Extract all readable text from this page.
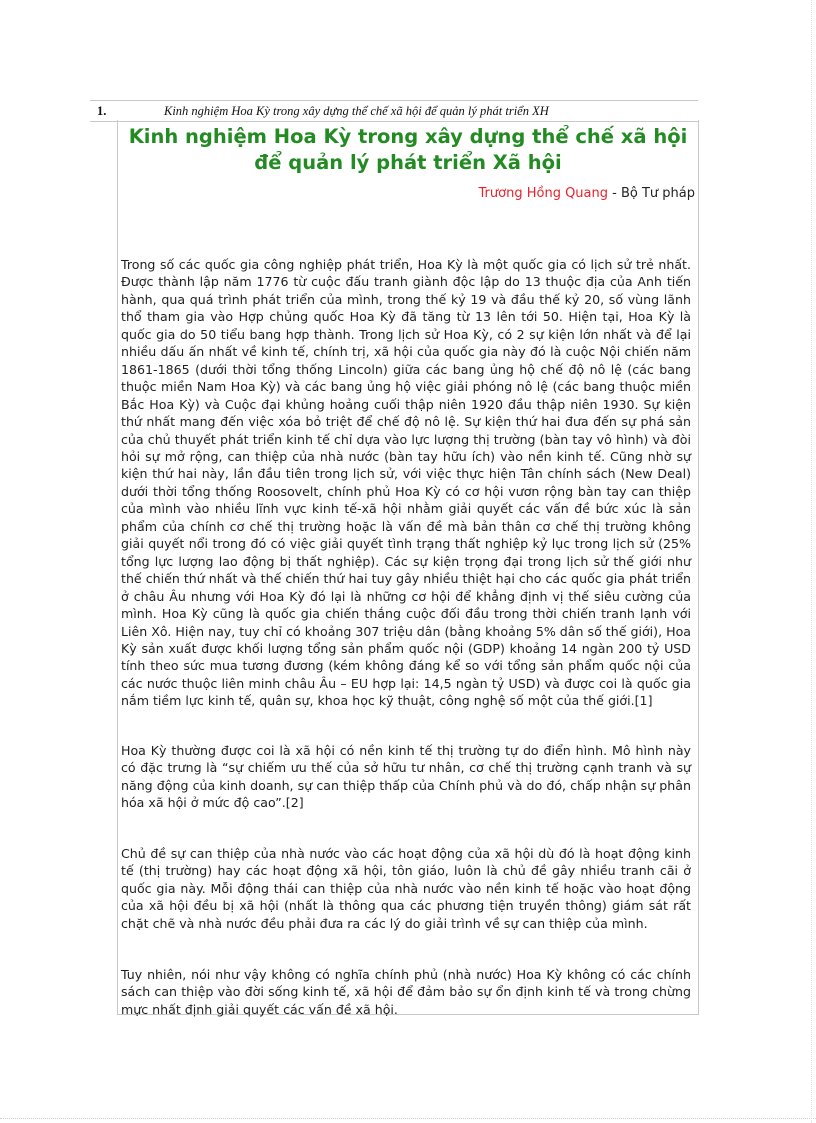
1.	Kinh nghiệm Hoa Kỳ trong xây dựng thể chế xã hội để quản lý phát triển XH
Kinh nghiệm Hoa Kỳ trong xây dựng thể chế xã hội để quản lý phát triển Xã hội
Trương Hồng Quang - Bộ Tư pháp
Trong số các quốc gia công nghiệp phát triển, Hoa Kỳ là một quốc gia có lịch sử trẻ nhất. Được thành lập năm 1776 từ cuộc đấu tranh giành độc lập do 13 thuộc địa của Anh tiến hành, qua quá trình phát triển của mình, trong thế kỷ 19 và đầu thế kỷ 20, số vùng lãnh thổ tham gia vào Hợp chủng quốc Hoa Kỳ đã tăng từ 13 lên tới 50. Hiện tại, Hoa Kỳ là quốc gia do 50 tiểu bang hợp thành. Trong lịch sử Hoa Kỳ, có 2 sự kiện lớn nhất và để lại nhiều dấu ấn nhất về kinh tế, chính trị, xã hội của quốc gia này đó là cuộc Nội chiến năm 1861-1865 (dưới thời tổng thống Lincoln) giữa các bang ủng hộ chế độ nô lệ (các bang thuộc miền Nam Hoa Kỳ) và các bang ủng hộ việc giải phóng nô lệ (các bang thuộc miền Bắc Hoa Kỳ) và Cuộc đại khủng hoảng cuối thập niên 1920 đầu thập niên 1930. Sự kiện thứ nhất mang đến việc xóa bỏ triệt để chế độ nô lệ. Sự kiện thứ hai đưa đến sự phá sản của chủ thuyết phát triển kinh tế chỉ dựa vào lực lượng thị trường (bàn tay vô hình) và đòi hỏi sự mở rộng, can thiệp của nhà nước (bàn tay hữu ích) vào nền kinh tế. Cũng nhờ sự kiện thứ hai này, lần đầu tiên trong lịch sử, với việc thực hiện Tân chính sách (New Deal) dưới thời tổng thống Roosovelt, chính phủ Hoa Kỳ có cơ hội vươn rộng bàn tay can thiệp của mình vào nhiều lĩnh vực kinh tế-xã hội nhằm giải quyết các vấn đề bức xúc là sản phẩm của chính cơ chế thị trường hoặc là vấn đề mà bản thân cơ chế thị trường không giải quyết nổi trong đó có việc giải quyết tình trạng thất nghiệp kỷ lục trong lịch sử (25% tổng lực lượng lao động bị thất nghiệp). Các sự kiện trọng đại trong lịch sử thế giới như thế chiến thứ nhất và thế chiến thứ hai tuy gây nhiều thiệt hại cho các quốc gia phát triển ở châu Âu nhưng với Hoa Kỳ đó lại là những cơ hội để khẳng định vị thế siêu cường của mình. Hoa Kỳ cũng là quốc gia chiến thắng cuộc đối đầu trong thời chiến tranh lạnh với Liên Xô. Hiện nay, tuy chỉ có khoảng 307 triệu dân (bằng khoảng 5% dân số thế giới), Hoa Kỳ sản xuất được khối lượng tổng sản phẩm quốc nội (GDP) khoảng 14 ngàn 200 tỷ USD tính theo sức mua tương đương (kém không đáng kể so với tổng sản phẩm quốc nội của các nước thuộc liên minh châu Âu – EU hợp lại: 14,5 ngàn tỷ USD) và được coi là quốc gia nắm tiềm lực kinh tế, quân sự, khoa học kỹ thuật, công nghệ số một của thế giới.[1]
Hoa Kỳ thường được coi là xã hội có nền kinh tế thị trường tự do điển hình. Mô hình này có đặc trưng là “sự chiếm ưu thế của sở hữu tư nhân, cơ chế thị trường cạnh tranh và sự năng động của kinh doanh, sự can thiệp thấp của Chính phủ và do đó, chấp nhận sự phân hóa xã hội ở mức độ cao”.[2]
Chủ đề sự can thiệp của nhà nước vào các hoạt động của xã hội dù đó là hoạt động kinh tế (thị trường) hay các hoạt động xã hội, tôn giáo, luôn là chủ đề gây nhiều tranh cãi ở quốc gia này. Mỗi động thái can thiệp của nhà nước vào nền kinh tế hoặc vào hoạt động của xã hội đều bị xã hội (nhất là thông qua các phương tiện truyền thông) giám sát rất chặt chẽ và nhà nước đều phải đưa ra các lý do giải trình về sự can thiệp của mình.
Tuy nhiên, nói như vậy không có nghĩa chính phủ (nhà nước) Hoa Kỳ không có các chính sách can thiệp vào đời sống kinh tế, xã hội để đảm bảo sự ổn định kinh tế và trong chừng mực nhất định giải quyết các vấn đề xã hội.
